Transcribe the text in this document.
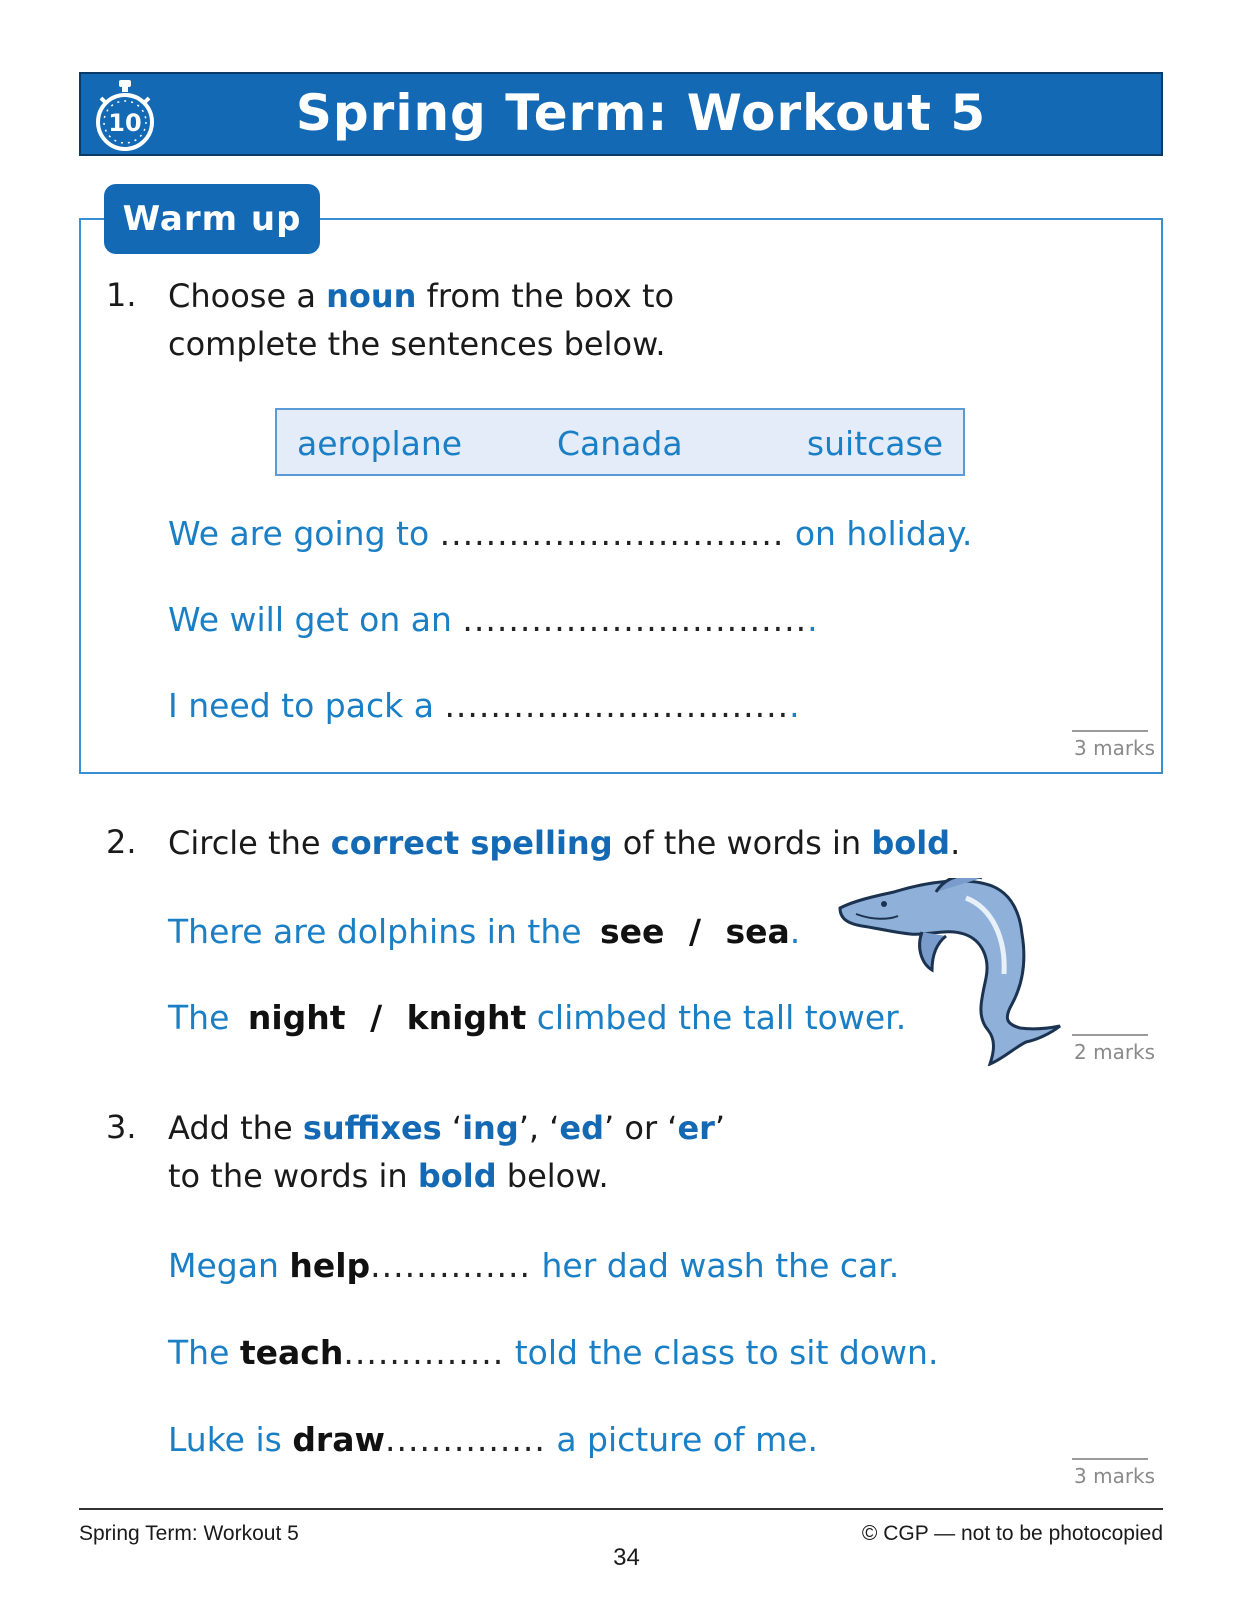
10	Spring Term: Workout 5
Warm up
1. Choose a noun from the box to
complete the sentences below.
aeroplane	Canada	suitcase
We are going to .............................. on holiday.
We will get on an ...............................
I need to pack a ...............................
3 marks
2. Circle the correct spelling of the words in bold.
There are dolphins in the see / sea.
The night / knight climbed the tall tower.
2 marks
3. Add the suffixes ‘ing’, ‘ed’ or ‘er’
to the words in bold below.
Megan help.............. her dad wash the car.
The teach.............. told the class to sit down.
Luke is draw.............. a picture of me.
3 marks
Spring Term: Workout 5
34
© CGP — not to be photocopied
